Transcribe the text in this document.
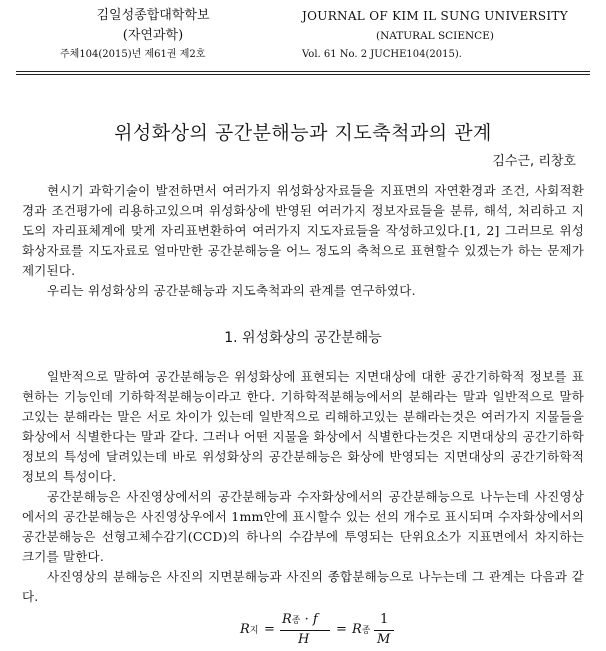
김일성종합대학학보
(자연과학)
주체104(2015)년 제61권 제2호
JOURNAL OF KIM IL SUNG UNIVERSITY
(NATURAL SCIENCE)
Vol. 61 No. 2 JUCHE104(2015).
위성화상의 공간분해능과 지도축척과의 관계
김수근, 리창호

현시기 과학기술이 발전하면서 여러가지 위성화상자료들을 지표면의 자연환경과 조건, 사회적환경과 조건평가에 리용하고있으며 위성화상에 반영된 여러가지 정보자료들을 분류, 해석, 처리하고 지도의 자리표체계에 맞게 자리표변환하여 여러가지 지도자료들을 작성하고있다.[1, 2] 그러므로 위성화상자료를 지도자료로 얼마만한 공간분해능을 어느 정도의 축척으로 표현할수 있겠는가 하는 문제가 제기된다.

우리는 위성화상의 공간분해능과 지도축척과의 관계를 연구하였다.

1. 위성화상의 공간분해능

일반적으로 말하여 공간분해능은 위성화상에 표현되는 지면대상에 대한 공간기하학적 정보를 표현하는 기능인데 기하학적분해능이라고 한다. 기하학적분해능에서의 분해라는 말과 일반적으로 말하고있는 분해라는 말은 서로 차이가 있는데 일반적으로 리해하고있는 분해라는것은 여러가지 지물들을 화상에서 식별한다는 말과 같다. 그러나 어떤 지물을 화상에서 식별한다는것은 지면대상의 공간기하학정보의 특성에 달려있는데 바로 위성화상의 공간분해능은 화상에 반영되는 지면대상의 공간기하학적정보의 특성이다.

공간분해능은 사진영상에서의 공간분해능과 수자화상에서의 공간분해능으로 나누는데 사진영상에서의 공간분해능은 사진영상우에서 1mm안에 표시할수 있는 선의 개수로 표시되며 수자화상에서의 공간분해능은 선형고체수감기(CCD)의 하나의 수감부에 투영되는 단위요소가 지표면에서 차지하는 크기를 말한다.

사진영상의 분해능은 사진의 지면분해능과 사진의 종합분해능으로 나누는데 그 관계는 다음과 같다.

R지 =
R종 · f
H
= R종
1
M
